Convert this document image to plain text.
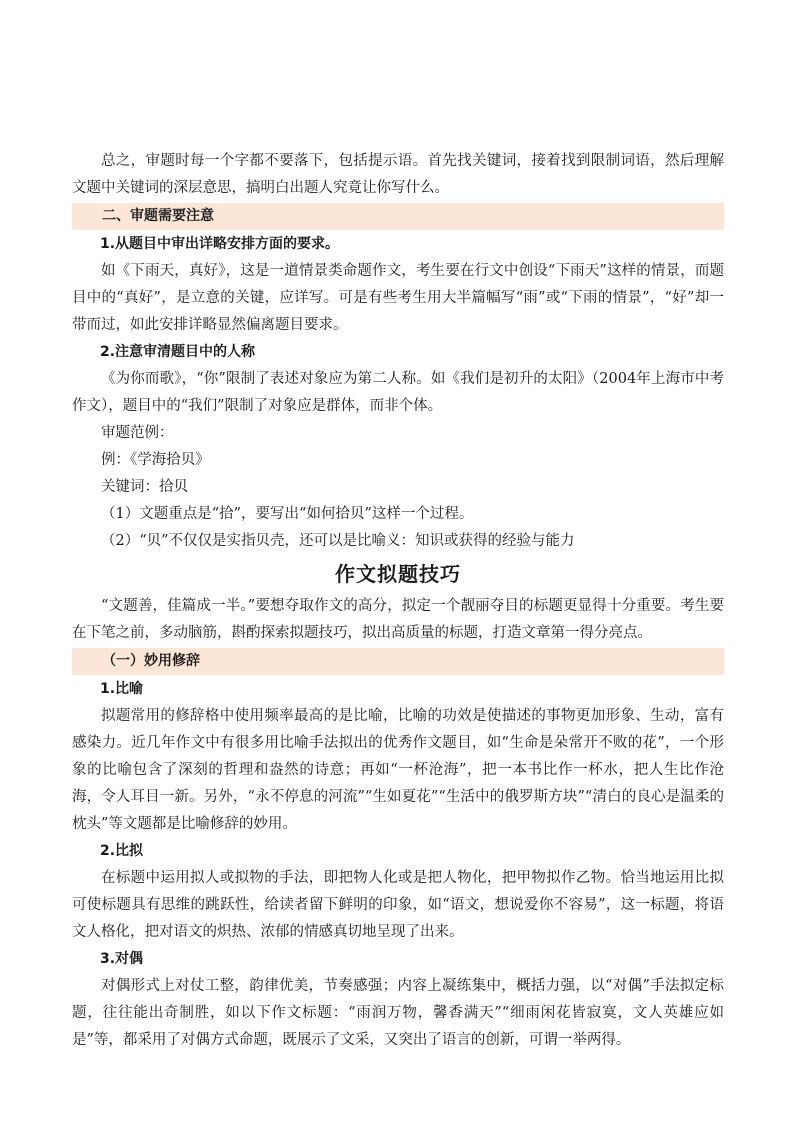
总之，审题时每一个字都不要落下，包括提示语。首先找关键词，接着找到限制词语，然后理解文题中关键词的深层意思，搞明白出题人究竟让你写什么。

二、审题需要注意
1.从题目中审出详略安排方面的要求。

如《下雨天，真好》，这是一道情景类命题作文，考生要在行文中创设“下雨天”这样的情景，而题目中的“真好”，是立意的关键，应详写。可是有些考生用大半篇幅写“雨”或“下雨的情景”，“好”却一带而过，如此安排详略显然偏离题目要求。

2.注意审清题目中的人称

《为你而歌》，“你”限制了表述对象应为第二人称。如《我们是初升的太阳》（2004年上海市中考作文），题目中的“我们”限制了对象应是群体，而非个体。

审题范例：

例：《学海拾贝》

关键词：拾贝

（1）文题重点是“拾”，要写出“如何拾贝”这样一个过程。

（2）“贝”不仅仅是实指贝壳，还可以是比喻义：知识或获得的经验与能力

作文拟题技巧

“文题善，佳篇成一半。”要想夺取作文的高分，拟定一个靓丽夺目的标题更显得十分重要。考生要在下笔之前，多动脑筋，斟酌探索拟题技巧，拟出高质量的标题，打造文章第一得分亮点。

（一）妙用修辞
1.比喻

拟题常用的修辞格中使用频率最高的是比喻，比喻的功效是使描述的事物更加形象、生动，富有感染力。近几年作文中有很多用比喻手法拟出的优秀作文题目，如“生命是朵常开不败的花”，一个形象的比喻包含了深刻的哲理和盎然的诗意；再如“一杯沧海”，把一本书比作一杯水，把人生比作沧海，令人耳目一新。另外，“永不停息的河流”“生如夏花”“生活中的俄罗斯方块”“清白的良心是温柔的枕头”等文题都是比喻修辞的妙用。

2.比拟

在标题中运用拟人或拟物的手法，即把物人化或是把人物化，把甲物拟作乙物。恰当地运用比拟可使标题具有思维的跳跃性，给读者留下鲜明的印象，如“语文，想说爱你不容易”，这一标题，将语文人格化，把对语文的炽热、浓郁的情感真切地呈现了出来。

3.对偶

对偶形式上对仗工整，韵律优美，节奏感强；内容上凝练集中，概括力强，以“对偶”手法拟定标题，往往能出奇制胜，如以下作文标题：“雨润万物，馨香满天”“细雨闲花皆寂寞，文人英雄应如是”等，都采用了对偶方式命题，既展示了文采，又突出了语言的创新，可谓一举两得。
